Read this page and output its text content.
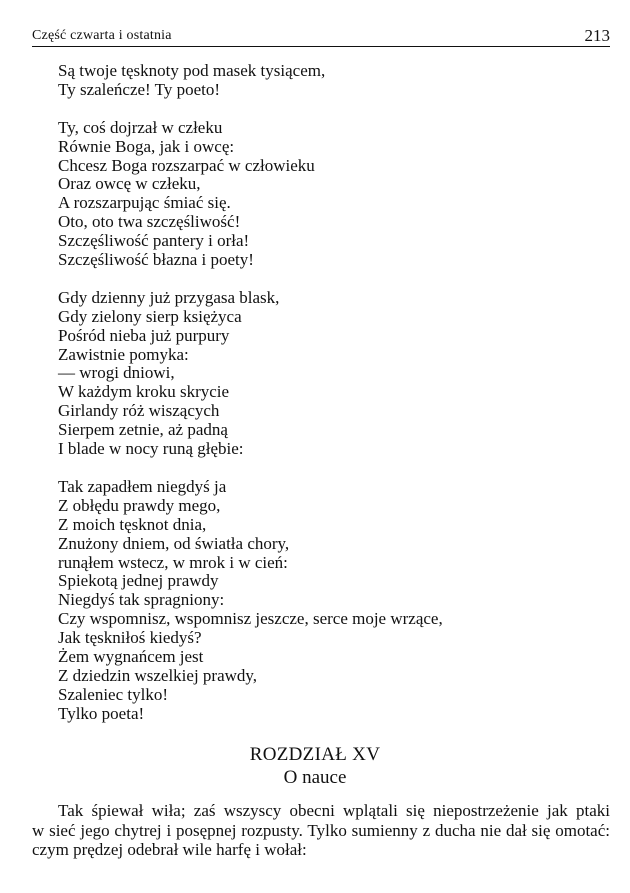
Część czwarta i ostatnia	213
Są twoje tęsknoty pod masek tysiącem,
Ty szaleńcze! Ty poeto!
Ty, coś dojrzał w człeku
Równie Boga, jak i owcę:
Chcesz Boga rozszarpać w człowieku
Oraz owcę w człeku,
A rozszarpując śmiać się.
Oto, oto twa szczęśliwość!
Szczęśliwość pantery i orła!
Szczęśliwość błazna i poety!
Gdy dzienny już przygasa blask,
Gdy zielony sierp księżyca
Pośród nieba już purpury
Zawistnie pomyka:
— wrogi dniowi,
W każdym kroku skrycie
Girlandy róż wiszących
Sierpem zetnie, aż padną
I blade w nocy runą głębie:
Tak zapadłem niegdyś ja
Z obłędu prawdy mego,
Z moich tęsknot dnia,
Znużony dniem, od światła chory,
runąłem wstecz, w mrok i w cień:
Spiekotą jednej prawdy
Niegdyś tak spragniony:
Czy wspomnisz, wspomnisz jeszcze, serce moje wrzące,
Jak tęskniłoś kiedyś?
Żem wygnańcem jest
Z dziedzin wszelkiej prawdy,
Szaleniec tylko!
Tylko poeta!
ROZDZIAŁ XV
O nauce
Tak śpiewał wiła; zaś wszyscy obecni wplątali się niepostrzeżenie jak ptaki
w sieć jego chytrej i posępnej rozpusty. Tylko sumienny z ducha nie dał się omotać:
czym prędzej odebrał wile harfę i wołał:
